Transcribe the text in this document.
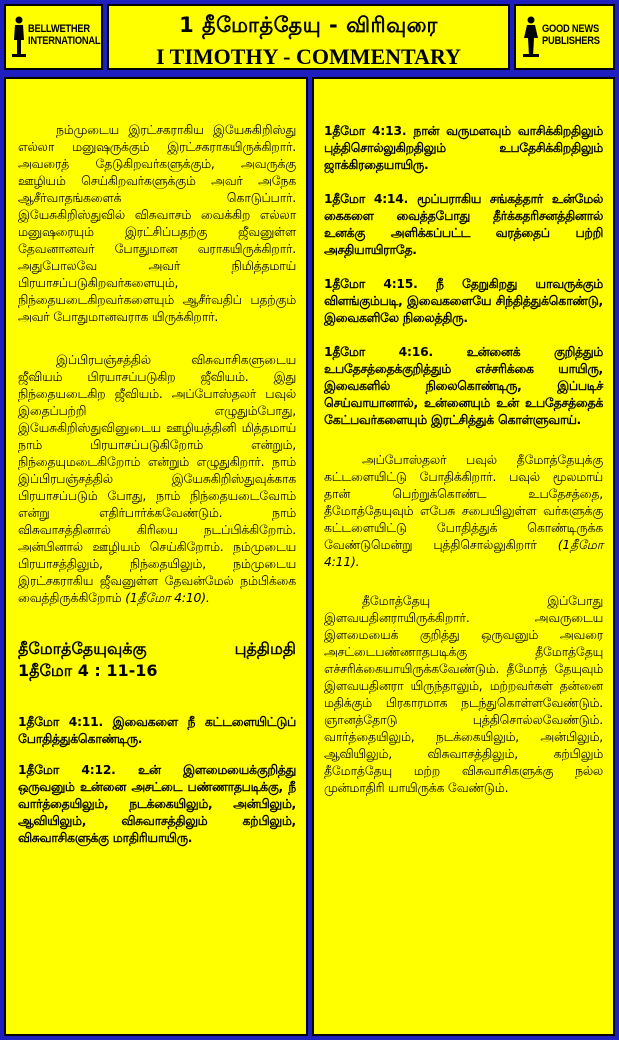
BELLWETHER INTERNATIONAL
1 தீமோத்தேயு - விரிவுரை
I TIMOTHY - COMMENTARY
GOOD NEWS PUBLISHERS

நம்முடைய இரட்சகராகிய இயேசுகிறிஸ்து எல்லா மனுஷருக்கும் இரட்சகராகயிருக்கிறார். அவரைத் தேடுகிறவர்களுக்கும், அவருக்கு ஊழியம் செய்கிறவர்களுக்கும் அவர் அநேக ஆசீர்வாதங்களைக் கொடுப்பார். இயேசுகிறிஸ்துவில் விசுவாசம் வைக்கிற எல்லா மனுஷரையும் இரட்சிப்பதற்கு ஜீவனுள்ள தேவனானவர் போதுமான வராகயிருக்கிறார். அதுபோலவே அவர் நிமித்தமாய் பிரயாசப்படுகிறவர்களையும், நிந்தையடைகிறவர்களையும் ஆசீர்வதிப் பதற்கும் அவர் போதுமானவராக யிருக்கிறார்.

இப்பிரபஞ்சத்தில் விசுவாசிகளுடைய ஜீவியம் பிரயாசப்படுகிற ஜீவியம். இது நிந்தையடைகிற ஜீவியம். அப்போஸ்தலர் பவுல் இதைப்பற்றி எழுதும்போது, இயேசுகிறிஸ்துவினுடைய ஊழியத்தினி மித்தமாய் நாம் பிரயாசப்படுகிறோம் என்றும், நிந்தையுமடைகிறோம் என்றும் எழுதுகிறார். நாம் இப்பிரபஞ்சத்தில் இயேசுகிறிஸ்துவுக்காக பிரயாசப்படும் போது, நாம் நிந்தையடைவோம் என்று எதிர்பார்க்கவேண்டும். நாம் விசுவாசத்தினால் கிரியை நடப்பிக்கிறோம். அன்பினால் ஊழியம் செய்கிறோம். நம்முடைய பிரயாசத்திலும், நிந்தையிலும், நம்முடைய இரட்சகராகிய ஜீவனுள்ள தேவன்மேல் நம்பிக்கை வைத்திருக்கிறோம் (1தீமோ 4:10).

தீமோத்தேயுவுக்கு	புத்திமதி
1தீமோ 4 : 11-16

1தீமோ 4:11. இவைகளை நீ கட்டளையிட்டுப் போதித்துக்கொண்டிரு.

1தீமோ 4:12. உன் இளமையைக்குறித்து ஒருவனும் உன்னை அசட்டை பண்ணாதபடிக்கு, நீ வார்த்தையிலும், நடக்கையிலும், அன்பிலும், ஆவியிலும், விசுவாசத்திலும் கற்பிலும், விசுவாசிகளுக்கு மாதிரியாயிரு.

1தீமோ 4:13. நான் வருமளவும் வாசிக்கிறதிலும் புத்திசொல்லுகிறதிலும் உபதேசிக்கிறதிலும் ஜாக்கிரதையாயிரு.

1தீமோ 4:14. மூப்பராகிய சங்கத்தார் உன்மேல் கைகளை வைத்தபோது தீர்க்கதரிசனத்தினால் உனக்கு அளிக்கப்பட்ட வரத்தைப் பற்றி அசதியாயிராதே.

1தீமோ 4:15. நீ தேறுகிறது யாவருக்கும் விளங்கும்படி, இவைகளையே சிந்தித்துக்கொண்டு, இவைகளிலே நிலைத்திரு.

1தீமோ 4:16. உன்னைக் குறித்தும் உபதேசத்தைக்குறித்தும் எச்சரிக்கை யாயிரு, இவைகளில் நிலைகொண்டிரு, இப்படிச் செய்வாயானால், உன்னையும் உன் உபதேசத்தைக் கேட்பவர்களையும் இரட்சித்துக் கொள்ளுவாய்.

அப்போஸ்தலர் பவுல் தீமோத்தேயுக்கு கட்டளையிட்டு போதிக்கிறார். பவுல் மூலமாய் தான் பெற்றுக்கொண்ட உபதேசத்தை, தீமோத்தேயுவும் எபேசு சபையிலுள்ள வர்களுக்கு கட்டளையிட்டு போதித்துக் கொண்டிருக்க வேண்டுமென்று புத்திசொல்லுகிறார் (1தீமோ 4:11).

தீமோத்தேயு இப்போது இளவயதினராயிருக்கிறார். அவருடைய இளமையைக் குறித்து ஒருவனும் அவரை அசட்டைபண்ணாதபடிக்கு தீமோத்தேயு எச்சரிக்கையாயிருக்கவேண்டும். தீமோத் தேயுவும் இளவயதினரா யிருந்தாலும், மற்றவர்கள் தன்னை மதிக்கும் பிரகாரமாக நடந்துகொள்ளவேண்டும். ஞானத்தோடு புத்திசொல்லவேண்டும். வார்த்தையிலும், நடக்கையிலும், அன்பிலும், ஆவியிலும், விசுவாசத்திலும், கற்பிலும் தீமோத்தேயு மற்ற விசுவாசிகளுக்கு நல்ல முன்மாதிரி யாயிருக்க வேண்டும்.
